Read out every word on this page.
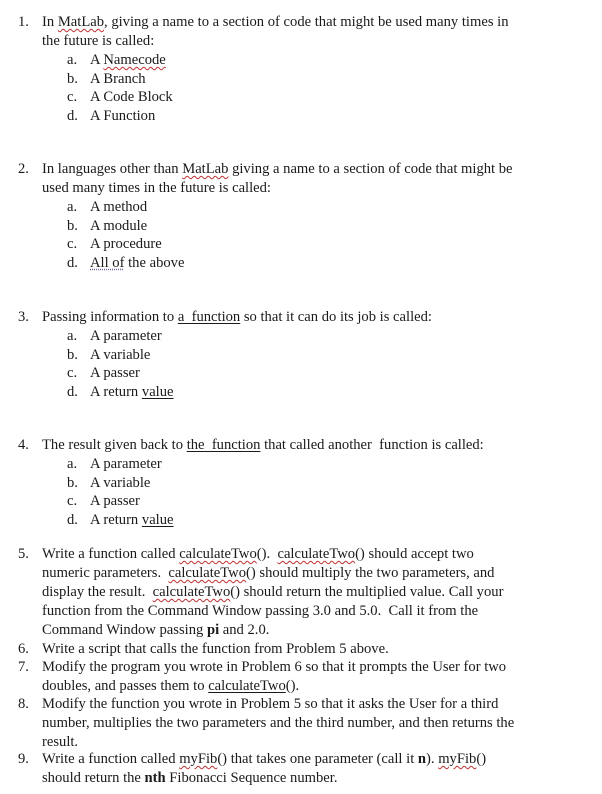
1. In MatLab, giving a name to a section of code that might be used many times in
the future is called:
a. A Namecode
b. A Branch
c. A Code Block
d. A Function
2. In languages other than MatLab giving a name to a section of code that might be
used many times in the future is called:
a. A method
b. A module
c. A procedure
d. All of the above
3. Passing information to a  function so that it can do its job is called:
a. A parameter
b. A variable
c. A passer
d. A return value
4. The result given back to the  function that called another  function is called:
a. A parameter
b. A variable
c. A passer
d. A return value
5. Write a function called calculateTwo().  calculateTwo() should accept two
numeric parameters.  calculateTwo() should multiply the two parameters, and
display the result.  calculateTwo() should return the multiplied value. Call your
function from the Command Window passing 3.0 and 5.0.  Call it from the
Command Window passing pi and 2.0.
6. Write a script that calls the function from Problem 5 above.
7. Modify the program you wrote in Problem 6 so that it prompts the User for two
doubles, and passes them to calculateTwo().
8. Modify the function you wrote in Problem 5 so that it asks the User for a third
number, multiplies the two parameters and the third number, and then returns the
result.
9. Write a function called myFib() that takes one parameter (call it n). myFib()
should return the nth Fibonacci Sequence number.
